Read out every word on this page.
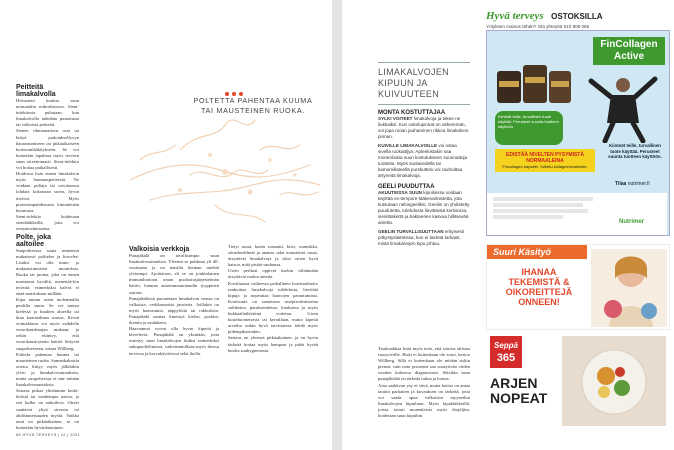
Peitteitä limakalvolla
Hiivasieni kuuluu suun normaaliin mikrobistoon. Sieni-infektiosta puhutaan, kun limakalvolla nähdään punottusta tai valkoisia peitteitä.
Sienen rihmamaisten osat tai bittyä pudotuksellyvyn haurastumiseen tai pitkäaikaiseen kortisonilääkitykseen. Se voi kuitenkin tapahtua myös terveen suun oireettomasti. Sieni-infektio voi hoitaa paikallisesti.
Hoidossa lisäs ennen limakalvon myös harmaaspeiteestä. Ne voidaan poltaja tai tarvittaessa lohdata kokonaan usein, hyvin tiiviisti. Myös proteesinpuhdistusta kiinnitetään huomiota.
Sieni-infektio hoidetaan sienilääkkeillä, joita voi reseptivalmisteina.
Polte, joka aaltoilee
Suupoltteessa suuta nimenssä mukaisesti polttelee ja kirvelee. Lisäksi voi olla tunto- ja makuaistimusten muutoksia. Ruoka tai juoma, joka on ennen maistunut hyvältä, menettää-kin terävää: esimerkiksi kalvot ei enää maistukaan millään.
Kipu tuntuu usein molemmilla puolilla suuta. Se voi tuntua kielessä ja huulten alueella tai ikan kauttaaltaan suussa. Kivun voimakkuus voi myös vaihdella vuorokaudenajan mukaan; ja oekin esiintyy, että vuorokausirytmin häiriöt liittyvät suupoltteeseen, toteaa Willberg.
Polttelu pahentaa kuuma tai mausteinen ruoka. Samankaltaisia oireita liittyy myös jälkihikin yleis- ja limakalvosairauksiin, mutta suupolteessa ei näe mitään limakalvomuutoksia.
Sairaus pitkaa yhtiäinmin keski-ikäisiä tai vanhempia naisia, ja sen kulku on aaltoileva. Oireet saattavat yltyä stressin tai ahdistuneisuuden myötä. Vaikka tauti on pitkäaikainen, se on kuitenkin hyvänlaatuinen.
POLTETTA PAHENTAA KUUMA
TAI MAUSTEINEN RUOKA.
Valkoisia verkkoja
Punajäkälä on tavallisimpia suun limakalvosairauksia. Yleensä se puhkeaa yli 40-vuotiaana ja on naisilla hieman miehiä yleisempi. Ajoittaisen, eli se on jonkinlainen immunihoitoon oman puolustusjärjestelmän häiriö, hieman autoimmuunitaudin tyyppinen sairaus.
Punajäkälässä puoutetaan limakalvon seassa on valkoisia, verkkomaisia juosteita. Joillakin on myös haavaumia, näppylöitä tai rakkuloita. Punajäkälä saattaa ilmestyä kielen, poskiin, ikeniin ja suulakeen.
Haavaumat voivat olla hyvin kipeitä ja kirveleviä. Punajäkälä on yksinään, joita esiintyy suun limakalvojen lisäksi esimerkiksi sukupuolielimissä, vatkeirmmillaan myös ihossa tervessa ja korvakäytävissä sekä iholla.
Tietyt ruuat, kuten tomaatti, kiivi, mansikka, sitrushedelmät ja ananas sekä mausteiset ruuat, ärsyttävät limakalvoja ja siksi oirien hyvä katsoa, mitä pistää suuhunsa.
Usein perlinat oppivat itsekin välttämään ärsyttäviä ruokia aineita.
Kivuliaassa vaiheessa paikallinen kortisonihoito rauhoittaa limakalvoja tulehdusta, lievittää kipuja ja nopeuttaa haavojen parantumista. Kortisonia on saatavana reseptivalmisteina suihkeina, puruksentteina, liuoksena ja myös bukkaalitablettinä voiteina. Usein kuuriluonteisesta tai kerrallaan, mutta kipeitä arvailta onkin hyvä tarvittaessa tehdä myös pidempikaistakin.
Sairaus on yleensä pitkäaikainen, ja on hyvin tärkeää hoitaa myös hampaat ja pitää hyvää huolta suuhygieniasta.
66 HYVÄ TERVEYS | 12 | 2021
LIMAKALVOJEN KIPUUN JA KUIVUUTEEN
MONTA KOSTUTTAJAA
SYLKI VOITEET limakalvoja ja tekee ne liukkaiksi. Kun voitelupinnat on vähemmän, voi jopa ruoan jauhaminen rikkoa limakalvon pinnan.
KUIVILLE LIMAKALVOILLE voi ostaa sivellä ruokaöljyä. Apteekistakin saa monenlaisia suun kostutukseen suunnattuja tuotteita. Myös suolavedellä tai kamomillateellä purskuttelu voi rauhoittaa ärtyneitä limakalvoja.
GEELI PUUDUTTAA
AKUUTEISSA SUUN kipuiloissa voidaan käyttää ex-tempore-lääkevalmistetta, jota kutsutaan nelosgeeliksi. Geeliin on yhdistetty puudutetta, tulehdusta lievittävää kortisonia, sienilääkettä ja bakteerien kasvua hillitsevää ainetta.
GEELIN TURVALLISUUTTAAN erityisesti pitkystyslaitteissa, kun ei tiedetä tarkasti, mistä limakalvojen kipu johtuu.
Tautitaakkaa lisää myös tieto, että sairaus altistaa suusyövälle. Riski ei kuitenkaan ole suuri, kertoo Willberg. Sillä ei kuitenkaan ole mitään riskin piensä: vain noin prosentti saa suusyövän viiden vuoden kuluessa diagnoosista. Siksikin suun punajäkälää on tärkeää tutkia ja hoitaa.
Aina saakkvan ysy ei sitvä, mutta hoitoa on antaa tautiin parhaiten ja kuvauksen on tärkeää, jotta voi saada apua valkoisiin myyneihin limakalvojen kipuiluun. Myös kipulääkkeillä, joissa toimii monenlaisia myös ihojäljiin, hoidetaan suun kipuihin.
Hyvä terveys OSTOKSILLA
Yrityksen mainos tähän? Ota yhteyttä 010 808 085
FinCollagen
Active
Kiinteät teille, turvallinen tuote käyttää. Perusteet suunta tuotteen käyttöön.
Kiinteät teille, turvallinen tuote käyttää. Perusteet suunta tuotteen käyttöön.
EDISTÄÄ NIVELTEN PYSYMISTÄ NORMAALEINA
Fincollagen kapselit. Tutkittu kollageenivalmiste.
Tilaa nutrimer.fi
Nutrimer
Suuri Käsityö
IHANAA
TEKEMISTÄ &
OIKOREITTEJÄ
ONNEEN!
Seppä
365
ARJEN
NOPEAT
